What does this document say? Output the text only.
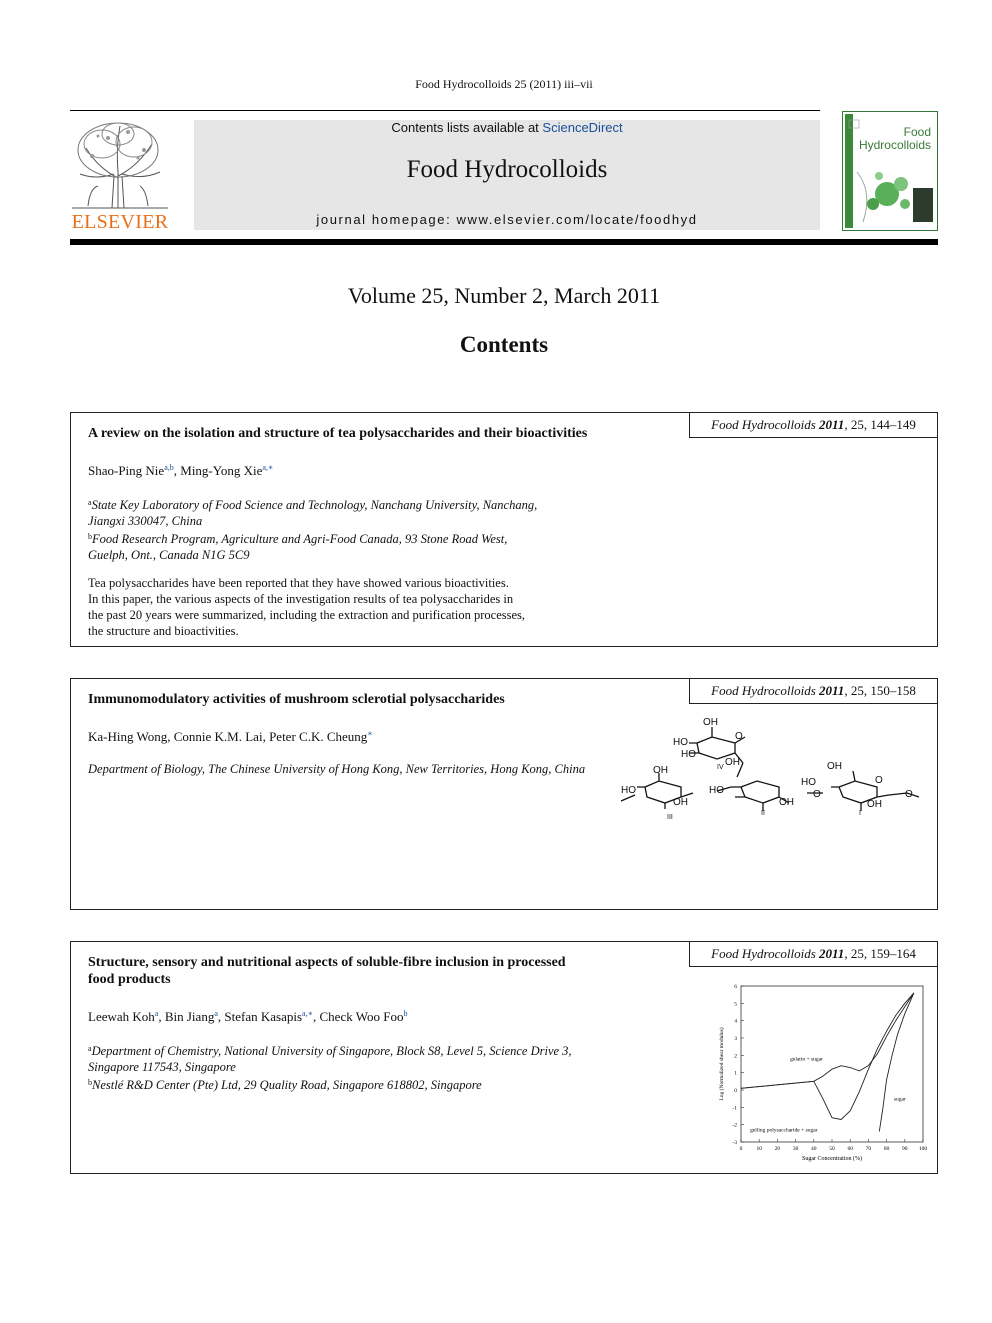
Food Hydrocolloids 25 (2011) iii–vii
ELSEVIER
Contents lists available at ScienceDirect
Food Hydrocolloids
journal homepage: www.elsevier.com/locate/foodhyd
Food
Hydrocolloids
Volume 25, Number 2, March 2011
Contents
Food Hydrocolloids 2011, 25, 144–149
A review on the isolation and structure of tea polysaccharides and their bioactivities
Shao-Ping Nie$^{a,b}$, Ming-Yong Xie$^{a,∗}$
$^a$State Key Laboratory of Food Science and Technology, Nanchang University, Nanchang,
Jiangxi 330047, China
$^b$Food Research Program, Agriculture and Agri-Food Canada, 93 Stone Road West,
Guelph, Ont., Canada N1G 5C9
Tea polysaccharides have been reported that they have showed various bioactivities.
In this paper, the various aspects of the investigation results of tea polysaccharides in
the past 20 years were summarized, including the extraction and purification processes,
the structure and bioactivities.
Food Hydrocolloids 2011, 25, 150–158
Immunomodulatory activities of mushroom sclerotial polysaccharides
Ka-Hing Wong, Connie K.M. Lai, Peter C.K. Cheung∗
Department of Biology, The Chinese University of Hong Kong, New Territories, Hong Kong, China
OH
HO
HO
O
OH
IV
OH
HO
OH
III
HO
OH
II
HO
OH
O
O
OH
O
I
Food Hydrocolloids 2011, 25, 159–164
Structure, sensory and nutritional aspects of soluble-fibre inclusion in processed
food products
Leewah Koh$^a$, Bin Jiang$^a$, Stefan Kasapis$^{a,∗}$, Check Woo Foo$^b$
$^a$Department of Chemistry, National University of Singapore, Block S8, Level 5, Science Drive 3,
Singapore 117543, Singapore
$^b$Nestlé R&D Center (Pte) Ltd, 29 Quality Road, Singapore 618802, Singapore
0	10 20 30 40 50 60 70 80 90 100
-3
-2
-1
0
1
2
3
4
5
6
Sugar Concentration (%)
Log (Normalized shear modulus)	gelatin + sugar
gelling polysaccharide + sugar
sugar
